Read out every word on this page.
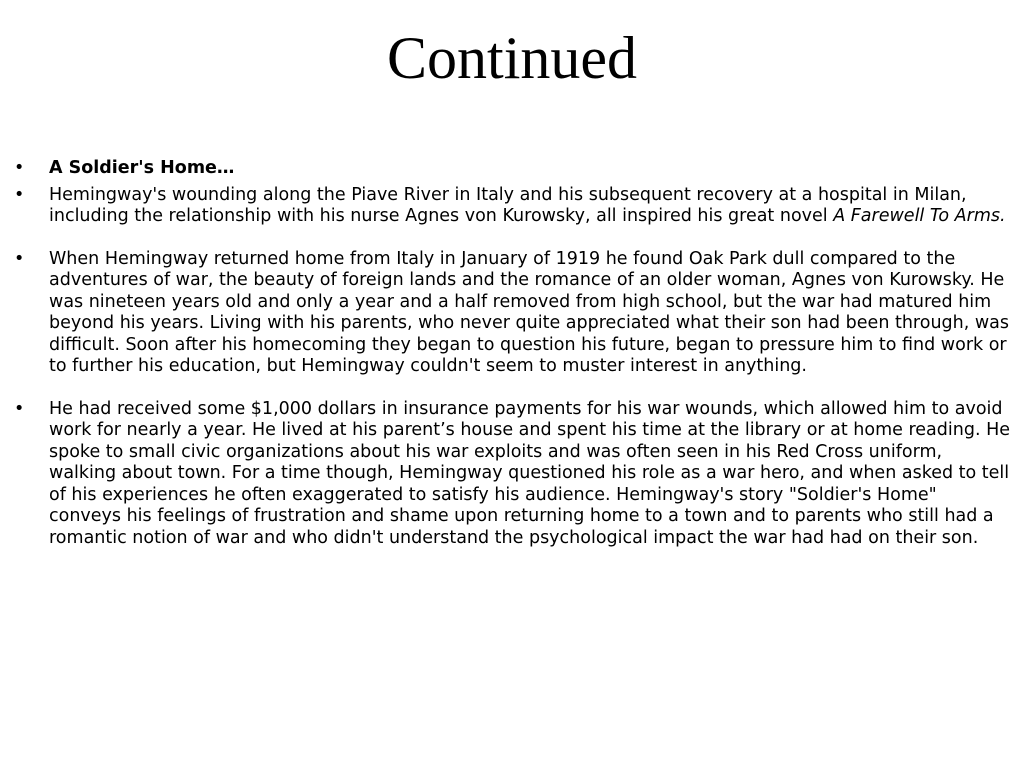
Continued
•	A Soldier's Home…
•	Hemingway's wounding along the Piave River in Italy and his subsequent recovery at a hospital in Milan, including the relationship with his nurse Agnes von Kurowsky, all inspired his great novel A Farewell To Arms.
•	When Hemingway returned home from Italy in January of 1919 he found Oak Park dull compared to the adventures of war, the beauty of foreign lands and the romance of an older woman, Agnes von Kurowsky. He was nineteen years old and only a year and a half removed from high school, but the war had matured him beyond his years. Living with his parents, who never quite appreciated what their son had been through, was difficult. Soon after his homecoming they began to question his future, began to pressure him to find work or to further his education, but Hemingway couldn't seem to muster interest in anything.
•	He had received some $1,000 dollars in insurance payments for his war wounds, which allowed him to avoid work for nearly a year. He lived at his parent’s house and spent his time at the library or at home reading. He spoke to small civic organizations about his war exploits and was often seen in his Red Cross uniform, walking about town. For a time though, Hemingway questioned his role as a war hero, and when asked to tell of his experiences he often exaggerated to satisfy his audience. Hemingway's story "Soldier's Home" conveys his feelings of frustration and shame upon returning home to a town and to parents who still had a romantic notion of war and who didn't understand the psychological impact the war had had on their son.
